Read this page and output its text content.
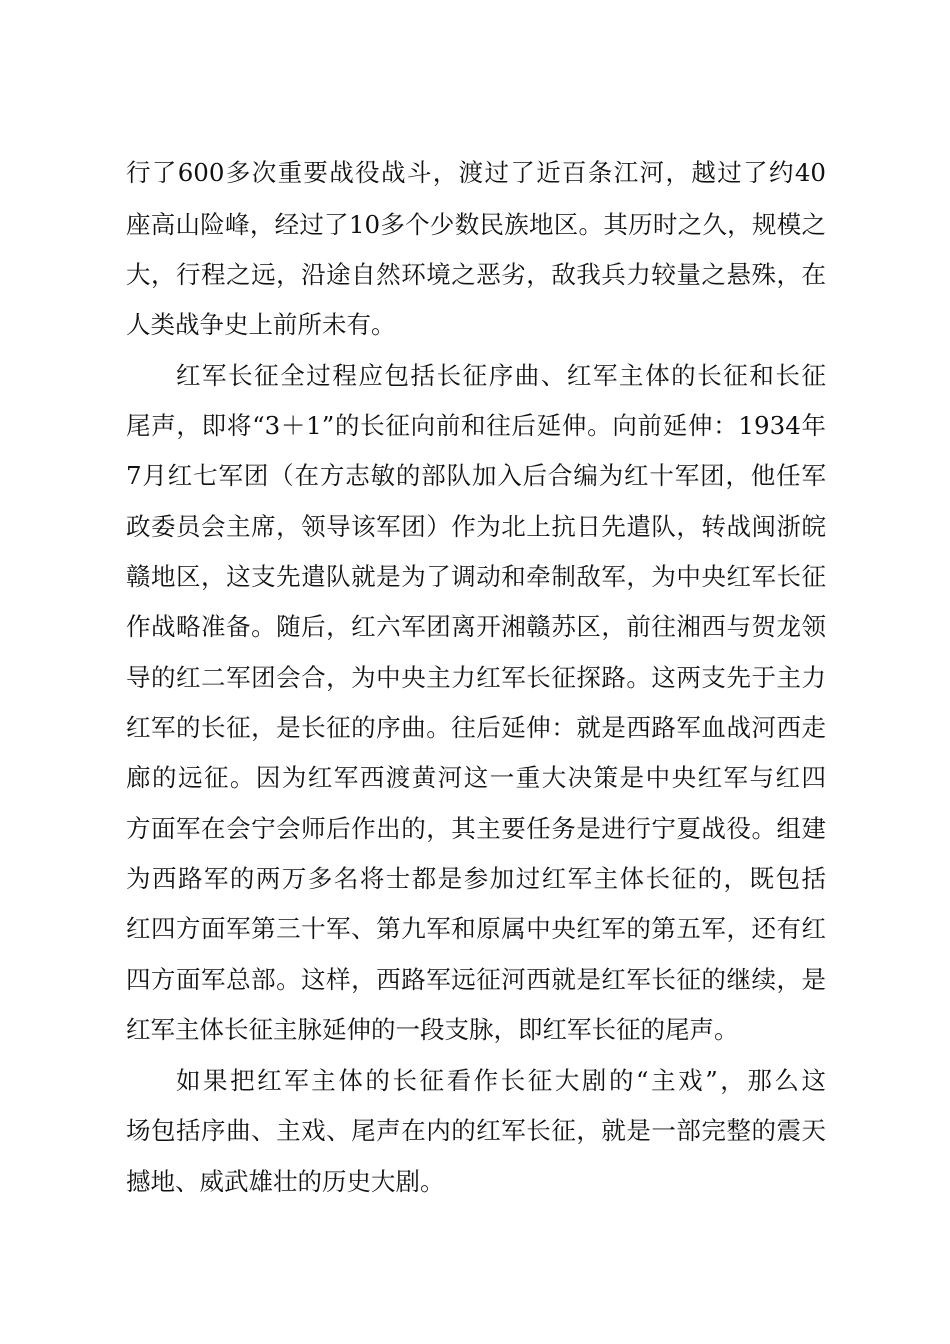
行了600多次重要战役战斗，渡过了近百条江河，越过了约40
座高山险峰，经过了10多个少数民族地区。其历时之久，规模之
大，行程之远，沿途自然环境之恶劣，敌我兵力较量之悬殊，在
人类战争史上前所未有。
红军长征全过程应包括长征序曲、红军主体的长征和长征
尾声，即将“3＋1”的长征向前和往后延伸。向前延伸：1934年
7月红七军团（在方志敏的部队加入后合编为红十军团，他任军
政委员会主席，领导该军团）作为北上抗日先遣队，转战闽浙皖
赣地区，这支先遣队就是为了调动和牵制敌军，为中央红军长征
作战略准备。随后，红六军团离开湘赣苏区，前往湘西与贺龙领
导的红二军团会合，为中央主力红军长征探路。这两支先于主力
红军的长征，是长征的序曲。往后延伸：就是西路军血战河西走
廊的远征。因为红军西渡黄河这一重大决策是中央红军与红四
方面军在会宁会师后作出的，其主要任务是进行宁夏战役。组建
为西路军的两万多名将士都是参加过红军主体长征的，既包括
红四方面军第三十军、第九军和原属中央红军的第五军，还有红
四方面军总部。这样，西路军远征河西就是红军长征的继续，是
红军主体长征主脉延伸的一段支脉，即红军长征的尾声。
如果把红军主体的长征看作长征大剧的“主戏”，那么这
场包括序曲、主戏、尾声在内的红军长征，就是一部完整的震天
撼地、威武雄壮的历史大剧。
